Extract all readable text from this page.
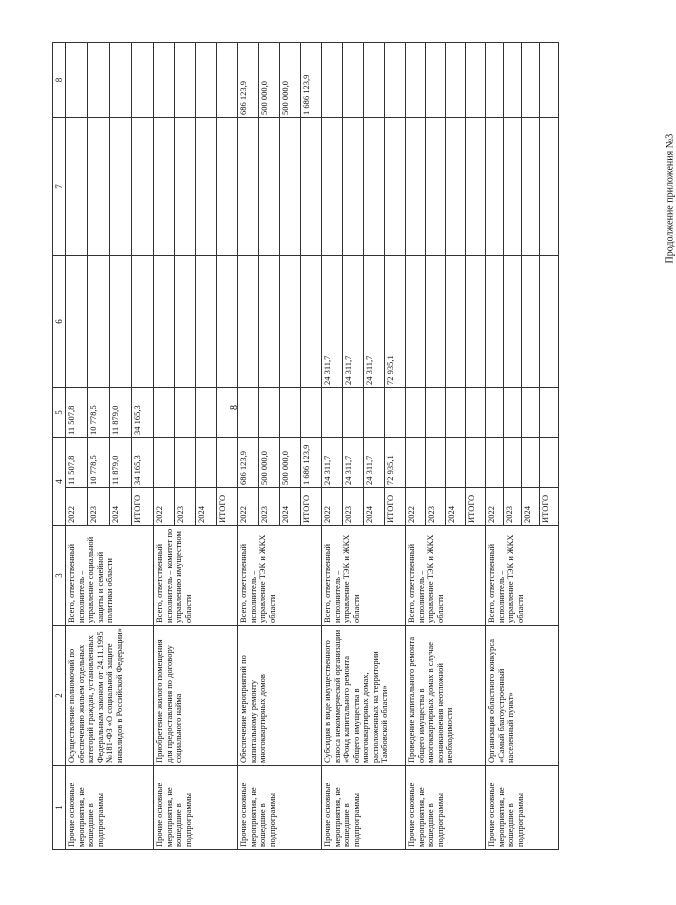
8
Продолжение приложения №3
1	2	3	4		5	6	7	8
Прочие основные мероприятия, не вошедшие в подпрограммы	Осуществление полномочий по обеспечению жильем отдельных категорий граждан, установленных Федеральным законом от 24.11.1995 №181-ФЗ «О социальной защите инвалидов в Российской Федерации»	Всего, ответственный исполнитель – управление социальной защиты и семейной политики области	2022	11 507,8	11 507,8			
			2023	10 778,5	10 778,5			
			2024	11 879,0	11 879,0			
			ИТОГО	34 165,3	34 165,3			
Прочие основные мероприятия, не вошедшие в подпрограммы	Приобретение жилого помещения для предоставления по договору социального найма	Всего, ответственный исполнитель – комитет по управлению имуществом области	2022					
			2023					
			2024					
			ИТОГО					
Прочие основные мероприятия, не вошедшие в подпрограммы	Обеспечение мероприятий по капитальному ремонту многоквартирных домов	Всего, ответственный исполнитель – управление ТЭК и ЖКХ области	2022	686 123,9				686 123,9
			2023	500 000,0				500 000,0
			2024	500 000,0				500 000,0
			ИТОГО	1 686 123,9				1 686 123,9
Прочие основные мероприятия, не вошедшие в подпрограммы	Субсидия в виде имущественного взноса некоммерческой организации «Фонд капитального ремонта общего имущества в многоквартирных домах, расположенных на территории Тамбовской области»	Всего, ответственный исполнитель – управление ТЭК и ЖКХ области	2022	24 311,7		24 311,7		
			2023	24 311,7		24 311,7		
			2024	24 311,7		24 311,7		
			ИТОГО	72 935,1		72 935,1		
Прочие основные мероприятия, не вошедшие в подпрограммы	Проведение капитального ремонта общего имущества в многоквартирных домах в случае возникновения неотложной необходимости	Всего, ответственный исполнитель – управление ТЭК и ЖКХ области	2022					
			2023					
			2024					
			ИТОГО					
Прочие основные мероприятия, не вошедшие в подпрограммы	Организация областного конкурса «Самый благоустроенный населенный пункт»	Всего, ответственный исполнитель – управление ТЭК и ЖКХ области	2022					
			2023					
			2024					
			ИТОГО					
